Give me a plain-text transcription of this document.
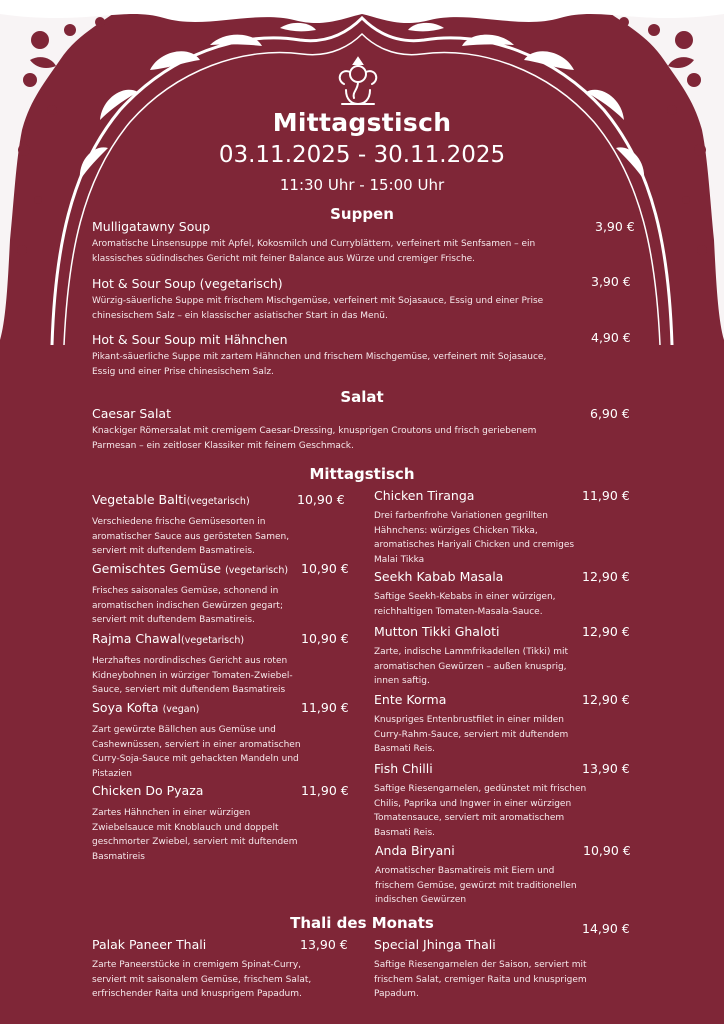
Mittagstisch
03.11.2025 - 30.11.2025
11:30 Uhr - 15:00 Uhr
Suppen
Mulligatawny Soup
Aromatische Linsensuppe mit Apfel, Kokosmilch und Curryblättern, verfeinert mit Senfsamen – ein klassisches südindisches Gericht mit feiner Balance aus Würze und cremiger Frische.
3,90 €
Hot & Sour Soup (vegetarisch)
Würzig-säuerliche Suppe mit frischem Mischgemüse, verfeinert mit Sojasauce, Essig und einer Prise chinesischem Salz – ein klassischer asiatischer Start in das Menü.
3,90 €
Hot & Sour Soup mit Hähnchen
Pikant-säuerliche Suppe mit zartem Hähnchen und frischem Mischgemüse, verfeinert mit Sojasauce, Essig und einer Prise chinesischem Salz.
4,90 €
Salat
Caesar Salat
Knackiger Römersalat mit cremigem Caesar-Dressing, knusprigen Croutons und frisch geriebenem Parmesan – ein zeitloser Klassiker mit feinem Geschmack.
6,90 €
Mittagstisch
Vegetable Balti(vegetarisch)
Verschiedene frische Gemüsesorten in aromatischer Sauce aus gerösteten Samen, serviert mit duftendem Basmatireis.
10,90 €
Gemischtes Gemüse (vegetarisch)
Frisches saisonales Gemüse, schonend in aromatischen indischen Gewürzen gegart; serviert mit duftendem Basmatireis.
10,90 €
Rajma Chawal(vegetarisch)
Herzhaftes nordindisches Gericht aus roten Kidneybohnen in würziger Tomaten-Zwiebel-Sauce, serviert mit duftendem Basmatireis
10,90 €
Soya Kofta (vegan)
Zart gewürzte Bällchen aus Gemüse und Cashewnüssen, serviert in einer aromatischen Curry-Soja-Sauce mit gehackten Mandeln und Pistazien
11,90 €
Chicken Do Pyaza
Zartes Hähnchen in einer würzigen Zwiebelsauce mit Knoblauch und doppelt geschmorter Zwiebel, serviert mit duftendem Basmatireis
11,90 €
Chicken Tiranga
Drei farbenfrohe Variationen gegrillten Hähnchens: würziges Chicken Tikka, aromatisches Hariyali Chicken und cremiges Malai Tikka
11,90 €
Seekh Kabab Masala
Saftige Seekh-Kebabs in einer würzigen, reichhaltigen Tomaten-Masala-Sauce.
12,90 €
Mutton Tikki Ghaloti
Zarte, indische Lammfrikadellen (Tikki) mit aromatischen Gewürzen – außen knusprig, innen saftig.
12,90 €
Ente Korma
Knuspriges Entenbrustfilet in einer milden Curry-Rahm-Sauce, serviert mit duftendem Basmati Reis.
12,90 €
Fish Chilli
Saftige Riesengarnelen, gedünstet mit frischen Chilis, Paprika und Ingwer in einer würzigen Tomatensauce, serviert mit aromatischem Basmati Reis.
13,90 €
Anda Biryani
Aromatischer Basmatireis mit Eiern und frischem Gemüse, gewürzt mit traditionellen indischen Gewürzen
10,90 €
Thali des Monats
Palak Paneer Thali
Zarte Paneerstücke in cremigem Spinat-Curry, serviert mit saisonalem Gemüse, frischem Salat, erfrischender Raita und knusprigem Papadum.
13,90 € Special Jhinga Thali
Saftige Riesengarnelen der Saison, serviert mit frischem Salat, cremiger Raita und knusprigem Papadum.
14,90 €
